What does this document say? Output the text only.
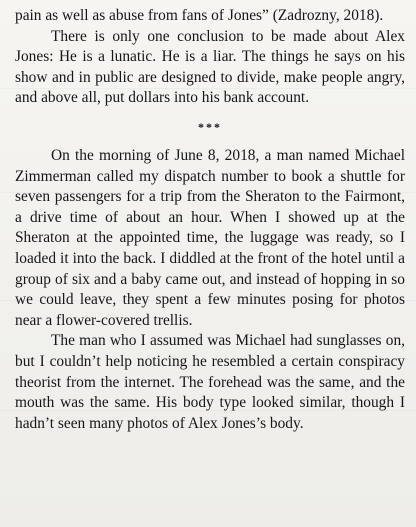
pain as well as abuse from fans of Jones” (Zadrozny, 2018).

There is only one conclusion to be made about Alex Jones: He is a lunatic. He is a liar. The things he says on his show and in public are designed to divide, make people angry, and above all, put dollars into his bank account.

***

On the morning of June 8, 2018, a man named Michael Zimmerman called my dispatch number to book a shuttle for seven passengers for a trip from the Sheraton to the Fairmont, a drive time of about an hour. When I showed up at the Sheraton at the appointed time, the luggage was ready, so I loaded it into the back. I diddled at the front of the hotel until a group of six and a baby came out, and instead of hopping in so we could leave, they spent a few minutes posing for photos near a flower-covered trellis.

The man who I assumed was Michael had sunglasses on, but I couldn’t help noticing he resembled a certain conspiracy theorist from the internet. The forehead was the same, and the mouth was the same. His body type looked similar, though I hadn’t seen many photos of Alex Jones’s body.
